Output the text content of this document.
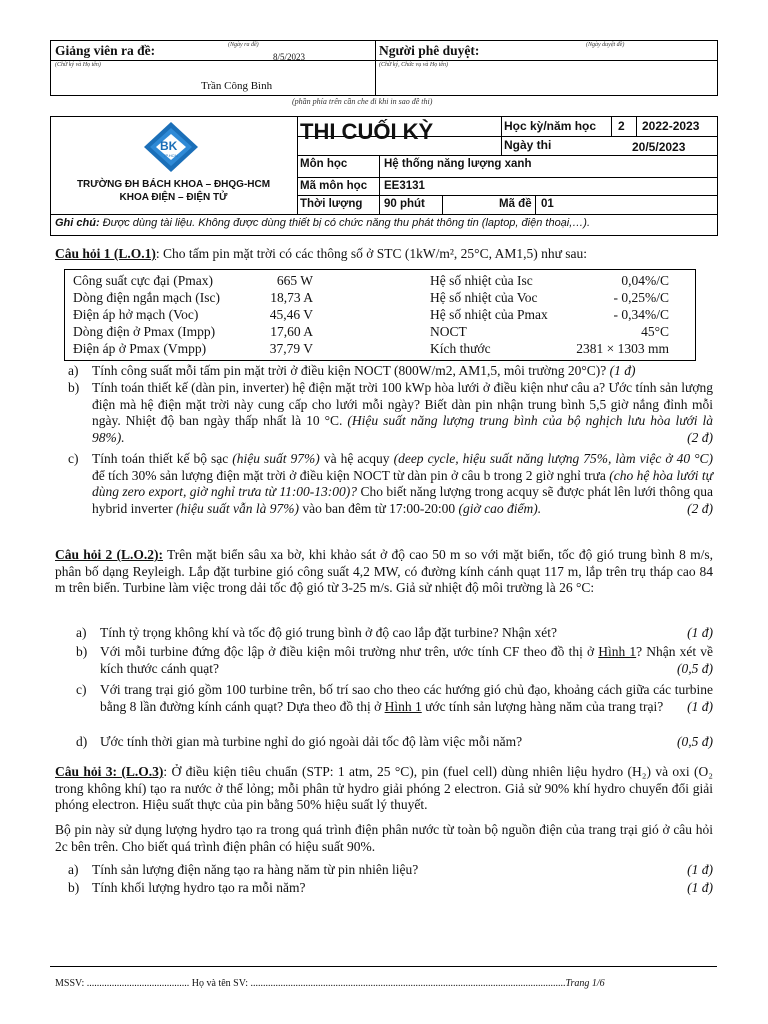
Giảng viên ra đề:	(Ngày ra đề)
8/5/2023
(Chữ ký và Họ tên)
Trần Công Bình
Người phê duyệt:	(Ngày duyệt đề)
(Chữ ký, Chức vụ và Họ tên)
(phần phía trên cần che đi khi in sao đề thi)
BK
TP.HCM
TRƯỜNG ĐH BÁCH KHOA – ĐHQG-HCM
KHOA ĐIỆN – ĐIỆN TỬ
THI CUỐI KỲ	Học kỳ/năm học 2 2022-2023
Ngày thi	20/5/2023
Môn học	Hệ thống năng lượng xanh
Mã môn học EE3131
Thời lượng 90 phút	Mã đề 01
Ghi chú: Được dùng tài liệu. Không được dùng thiết bị có chức năng thu phát thông tin (laptop, điện thoại,…).
Câu hỏi 1 (L.O.1): Cho tấm pin mặt trời có các thông số ở STC (1kW/m², 25°C, AM1,5) như sau:
Công suất cực đại (Pmax)	665 W	Hệ số nhiệt của Isc	0,04%/C
Dòng điện ngắn mạch (Isc)	18,73 A	Hệ số nhiệt của Voc	- 0,25%/C
Điện áp hở mạch (Voc)	45,46 V	Hệ số nhiệt của Pmax	- 0,34%/C
Dòng điện ở Pmax (Impp)	17,60 A	NOCT	45°C
Điện áp ở Pmax (Vmpp)	37,79 V	Kích thước	2381 × 1303 mm
a) Tính công suất mỗi tấm pin mặt trời ở điều kiện NOCT (800W/m2, AM1,5, môi trường 20°C)? (1 đ)
b) Tính toán thiết kế (dàn pin, inverter) hệ điện mặt trời 100 kWp hòa lưới ở điều kiện như câu a? Ước tính sản lượng điện mà hệ điện mặt trời này cung cấp cho lưới mỗi ngày? Biết dàn pin nhận trung bình 5,5 giờ nắng đỉnh mỗi ngày. Nhiệt độ ban ngày thấp nhất là 10 °C. (Hiệu suất năng lượng trung bình của bộ nghịch lưu hòa lưới là 98%).	(2 đ)
c) Tính toán thiết kế bộ sạc (hiệu suất 97%) và hệ acquy (deep cycle, hiệu suất năng lượng 75%, làm việc ở 40 °C) để tích 30% sản lượng điện mặt trời ở điều kiện NOCT từ dàn pin ở câu b trong 2 giờ nghỉ trưa (cho hệ hòa lưới tự dùng zero export, giờ nghỉ trưa từ 11:00-13:00)? Cho biết năng lượng trong acquy sẽ được phát lên lưới thông qua hybrid inverter (hiệu suất vẫn là 97%) vào ban đêm từ 17:00-20:00 (giờ cao điểm).	(2 đ)
Câu hỏi 2 (L.O.2): Trên mặt biển sâu xa bờ, khi khảo sát ở độ cao 50 m so với mặt biển, tốc độ gió trung bình 8 m/s, phân bố dạng Reyleigh. Lắp đặt turbine gió công suất 4,2 MW, có đường kính cánh quạt 117 m, lắp trên trụ tháp cao 84 m trên biển. Turbine làm việc trong dải tốc độ gió từ 3-25 m/s. Giả sử nhiệt độ môi trường là 26 °C:
a) Tính tỷ trọng không khí và tốc độ gió trung bình ở độ cao lắp đặt turbine? Nhận xét?	(1 đ)
b) Với mỗi turbine đứng độc lập ở điều kiện môi trường như trên, ước tính CF theo đồ thị ở Hình 1? Nhận xét về kích thước cánh quạt?	(0,5 đ)
c) Với trang trại gió gồm 100 turbine trên, bố trí sao cho theo các hướng gió chủ đạo, khoảng cách giữa các turbine bằng 8 lần đường kính cánh quạt? Dựa theo đồ thị ở Hình 1 ước tính sản lượng hàng năm của trang trại? (1 đ)
d) Ước tính thời gian mà turbine nghỉ do gió ngoài dải tốc độ làm việc mỗi năm?	(0,5 đ)
Câu hỏi 3: (L.O.3): Ở điều kiện tiêu chuẩn (STP: 1 atm, 25 °C), pin (fuel cell) dùng nhiên liệu hydro (H₂) và oxi (O₂ trong không khí) tạo ra nước ở thể lỏng; mỗi phân tử hydro giải phóng 2 electron. Giả sử 90% khí hydro chuyển đổi giải phóng electron. Hiệu suất thực của pin bằng 50% hiệu suất lý thuyết.
Bộ pin này sử dụng lượng hydro tạo ra trong quá trình điện phân nước từ toàn bộ nguồn điện của trang trại gió ở câu hỏi 2c bên trên. Cho biết quá trình điện phân có hiệu suất 90%.
a) Tính sản lượng điện năng tạo ra hàng năm từ pin nhiên liệu?	(1 đ)
b) Tính khối lượng hydro tạo ra mỗi năm?	(1 đ)
MSSV: ......................................... Họ và tên SV: ..............................................................................................................................Trang 1/6
